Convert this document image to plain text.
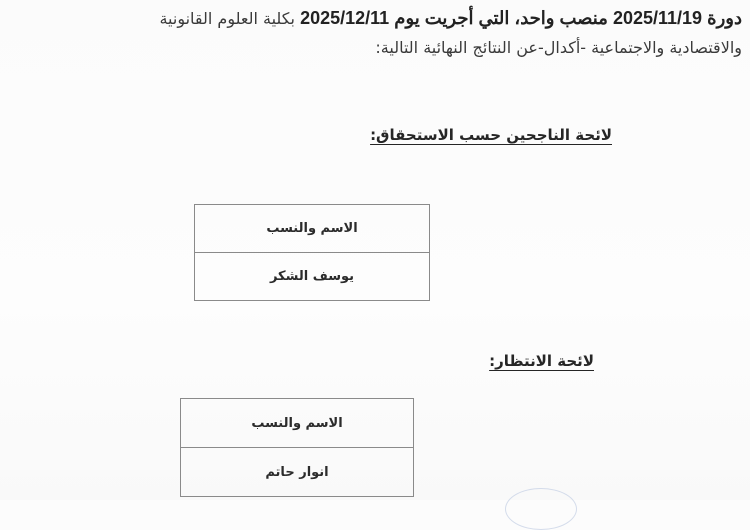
دورة 2025/11/19 منصب واحد، التي أجريت يوم 2025/12/11 بكلية العلوم القانونية
والاقتصادية والاجتماعية -أكدال-عن النتائج النهائية التالية:
لائحة الناجحين حسب الاستحقاق:
الاسم والنسب
يوسف الشكر
لائحة الانتظار:
الاسم والنسب
انوار حاتم
